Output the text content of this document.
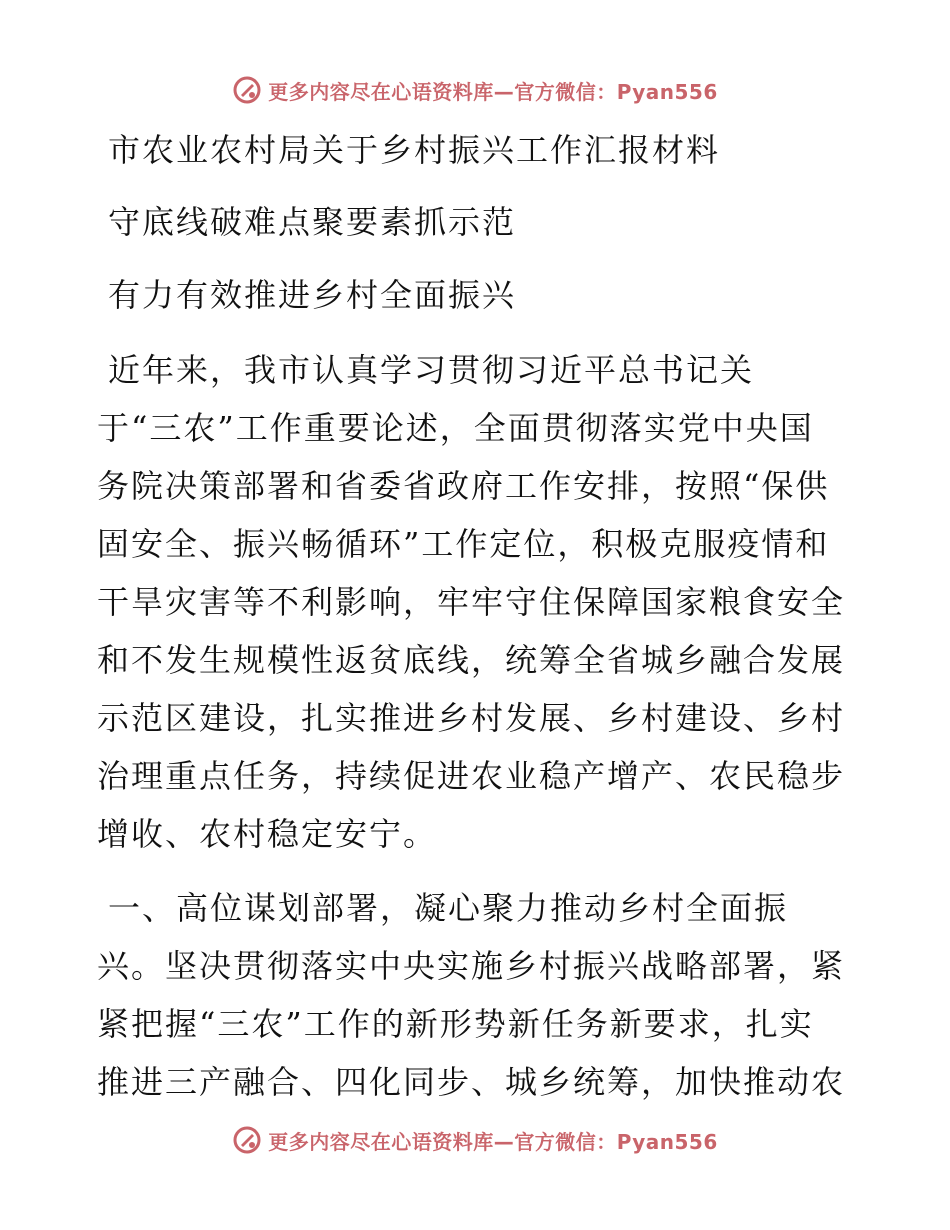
更多内容尽在心语资料库—官方微信：Pyan556
市农业农村局关于乡村振兴工作汇报材料
守底线破难点聚要素抓示范
有力有效推进乡村全面振兴
近年来，我市认真学习贯彻习近平总书记关
于“三农”工作重要论述，全面贯彻落实党中央国
务院决策部署和省委省政府工作安排，按照“保供
固安全、振兴畅循环”工作定位，积极克服疫情和
干旱灾害等不利影响，牢牢守住保障国家粮食安全
和不发生规模性返贫底线，统筹全省城乡融合发展
示范区建设，扎实推进乡村发展、乡村建设、乡村
治理重点任务，持续促进农业稳产增产、农民稳步
增收、农村稳定安宁。
一、高位谋划部署，凝心聚力推动乡村全面振
兴。坚决贯彻落实中央实施乡村振兴战略部署，紧
紧把握“三农”工作的新形势新任务新要求，扎实
推进三产融合、四化同步、城乡统筹，加快推动农
更多内容尽在心语资料库—官方微信：Pyan556
